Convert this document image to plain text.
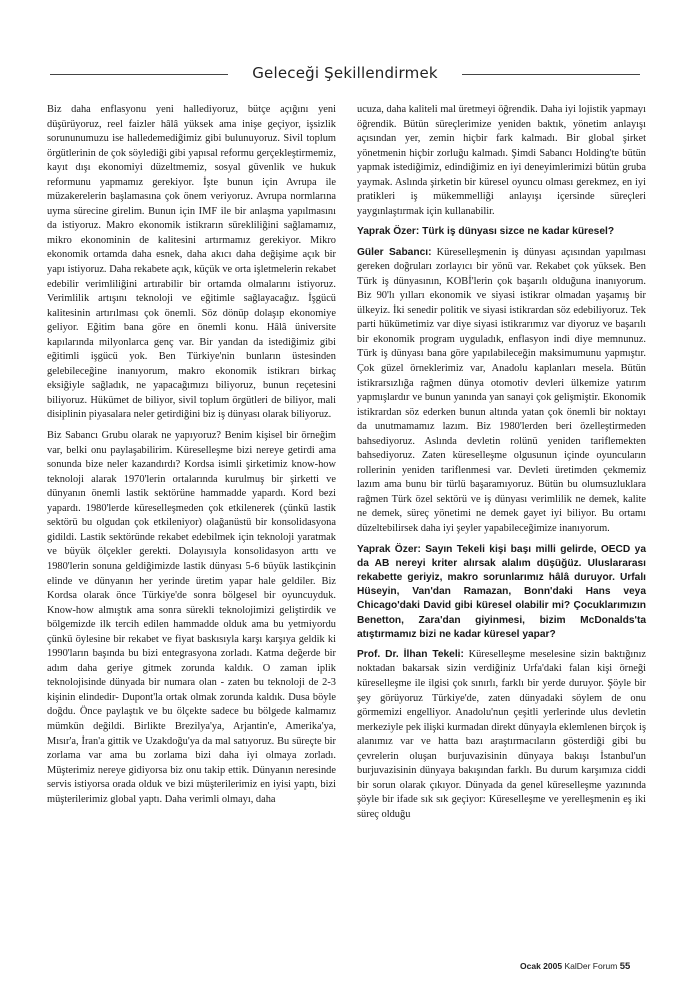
Geleceği Şekillendirmek

Biz daha enflasyonu yeni hallediyoruz, bütçe açığını yeni düşürüyoruz, reel faizler hâlâ yüksek ama inişe geçiyor, işsizlik sorununumuzu ise halledemediğimiz gibi bulunuyoruz. Sivil toplum örgütlerinin de çok söylediği gibi yapısal reformu gerçekleştirmemiz, kayıt dışı ekonomiyi düzeltmemiz, sosyal güvenlik ve hukuk reformunu yapmamız gerekiyor. İşte bunun için Avrupa ile müzakerelerin başlamasına çok önem veriyoruz. Avrupa normlarına uyma sürecine girelim. Bunun için IMF ile bir anlaşma yapılmasını da istiyoruz. Makro ekonomik istikrarın sürekliliğini sağlamamız, mikro ekonominin de kalitesini artırmamız gerekiyor. Mikro ekonomik ortamda daha esnek, daha akıcı daha değişime açık bir yapı istiyoruz. Daha rekabete açık, küçük ve orta işletmelerin rekabet edebilir verimliliğini artırabilir bir ortamda olmalarını istiyoruz. Verimlilik artışını teknoloji ve eğitimle sağlayacağız. İşgücü kalitesinin artırılması çok önemli. Söz dönüp dolaşıp ekonomiye geliyor. Eğitim bana göre en önemli konu. Hâlâ üniversite kapılarında milyonlarca genç var. Bir yandan da istediğimiz gibi eğitimli işgücü yok. Ben Türkiye'nin bunların üstesinden gelebileceğine inanıyorum, makro ekonomik istikrarı birkaç eksiğiyle sağladık, ne yapacağımızı biliyoruz, bunun reçetesini biliyoruz. Hükümet de biliyor, sivil toplum örgütleri de biliyor, mali disiplinin piyasalara neler getirdiğini biz iş dünyası olarak biliyoruz.

Biz Sabancı Grubu olarak ne yapıyoruz? Benim kişisel bir örneğim var, belki onu paylaşabilirim. Küreselleşme bizi nereye getirdi ama sonunda bize neler kazandırdı? Kordsa isimli şirketimiz know-how teknoloji alarak 1970'lerin ortalarında kurulmuş bir şirketti ve dünyanın önemli lastik sektörüne hammadde yapardı. Kord bezi yapardı. 1980'lerde küreselleşmeden çok etkilenerek (çünkü lastik sektörü bu olgudan çok etkileniyor) olağanüstü bir konsolidasyona gidildi. Lastik sektöründe rekabet edebilmek için teknoloji yaratmak ve büyük ölçekler gerekti. Dolayısıyla konsolidasyon arttı ve 1980'lerin sonuna geldiğimizde lastik dünyası 5-6 büyük lastikçinin elinde ve dünyanın her yerinde üretim yapar hale geldiler. Biz Kordsa olarak önce Türkiye'de sonra bölgesel bir oyuncuyduk. Know-how almıştık ama sonra sürekli teknolojimizi geliştirdik ve bölgemizde ilk tercih edilen hammadde olduk ama bu yetmiyordu çünkü öylesine bir rekabet ve fiyat baskısıyla karşı karşıya geldik ki 1990'ların başında bu bizi entegrasyona zorladı. Katma değerde bir adım daha geriye gitmek zorunda kaldık. O zaman iplik teknolojisinde dünyada bir numara olan - zaten bu teknoloji de 2-3 kişinin elindedir- Dupont'la ortak olmak zorunda kaldık. Dusa böyle doğdu. Önce paylaştık ve bu ölçekte sadece bu bölgede kalmamız mümkün değildi. Birlikte Brezilya'ya, Arjantin'e, Amerika'ya, Mısır'a, İran'a gittik ve Uzakdoğu'ya da mal satıyoruz. Bu süreçte bir zorlama var ama bu zorlama bizi daha iyi olmaya zorladı. Müşterimiz nereye gidiyorsa biz onu takip ettik. Dünyanın neresinde servis istiyorsa orada olduk ve bizi müşterilerimiz en iyisi yaptı, bizi müşterilerimiz global yaptı. Daha verimli olmayı, daha

ucuza, daha kaliteli mal üretmeyi öğrendik. Daha iyi lojistik yapmayı öğrendik. Bütün süreçlerimize yeniden baktık, yönetim anlayışı açısından yer, zemin hiçbir fark kalmadı. Bir global şirket yönetmenin hiçbir zorluğu kalmadı. Şimdi Sabancı Holding'te bütün yapmak istediğimiz, edindiğimiz en iyi deneyimlerimizi bütün gruba yaymak. Aslında şirketin bir küresel oyuncu olması gerekmez, en iyi pratikleri iş mükemmelliği anlayışı içersinde süreçleri yaygınlaştırmak için kullanabilir.

Yaprak Özer: Türk iş dünyası sizce ne kadar küresel?

Güler Sabancı: Küreselleşmenin iş dünyası açısından yapılması gereken doğruları zorlayıcı bir yönü var. Rekabet çok yüksek. Ben Türk iş dünyasının, KOBİ'lerin çok başarılı olduğuna inanıyorum. Biz 90'lı yılları ekonomik ve siyasi istikrar olmadan yaşamış bir ülkeyiz. İki senedir politik ve siyasi istikrardan söz edebiliyoruz. Tek parti hükümetimiz var diye siyasi istikrarımız var diyoruz ve başarılı bir ekonomik program uyguladık, enflasyon indi diye memnunuz. Türk iş dünyası bana göre yapılabileceğin maksimumunu yapmıştır. Çok güzel örneklerimiz var, Anadolu kaplanları mesela. Bütün istikrarsızlığa rağmen dünya otomotiv devleri ülkemize yatırım yapmışlardır ve bunun yanında yan sanayi çok gelişmiştir. Ekonomik istikrardan söz ederken bunun altında yatan çok önemli bir noktayı da unutmamamız lazım. Biz 1980'lerden beri özelleştirmeden bahsediyoruz. Aslında devletin rolünü yeniden tariflemekten bahsediyoruz. Zaten küreselleşme olgusunun içinde oyuncuların rollerinin yeniden tariflenmesi var. Devleti üretimden çekmemiz lazım ama bunu bir türlü başaramıyoruz. Bütün bu olumsuzluklara rağmen Türk özel sektörü ve iş dünyası verimlilik ne demek, kalite ne demek, süreç yönetimi ne demek gayet iyi biliyor. Bu ortamı düzeltebilirsek daha iyi şeyler yapabileceğimize inanıyorum.

Yaprak Özer: Sayın Tekeli kişi başı milli gelirde, OECD ya da AB nereyi kriter alırsak alalım düşüğüz. Uluslararası rekabette geriyiz, makro sorunlarımız hâlâ duruyor. Urfalı Hüseyin, Van'dan Ramazan, Bonn'daki Hans veya Chicago'daki David gibi küresel olabilir mi? Çocuklarımızın Benetton, Zara'dan giyinmesi, bizim McDonalds'ta atıştırmamız bizi ne kadar küresel yapar?

Prof. Dr. İlhan Tekeli: Küreselleşme meselesine sizin baktığınız noktadan bakarsak sizin verdiğiniz Urfa'daki falan kişi örneği küreselleşme ile ilgisi çok sınırlı, farklı bir yerde duruyor. Şöyle bir şey görüyoruz Türkiye'de, zaten dünyadaki söylem de onu görmemizi engelliyor. Anadolu'nun çeşitli yerlerinde ulus devletin merkeziyle pek ilişki kurmadan direkt dünyayla eklemlenen birçok iş alanımız var ve hatta bazı araştırmacıların gösterdiği gibi bu çevrelerin oluşan burjuvazisinin dünyaya bakışı İstanbul'un burjuvazisinin dünyaya bakışından farklı. Bu durum karşımıza ciddi bir sorun olarak çıkıyor. Dünyada da genel küreselleşme yazınında şöyle bir ifade sık sık geçiyor: Küreselleşme ve yerelleşmenin eş iki süreç olduğu

Ocak 2005 KalDer Forum 55
